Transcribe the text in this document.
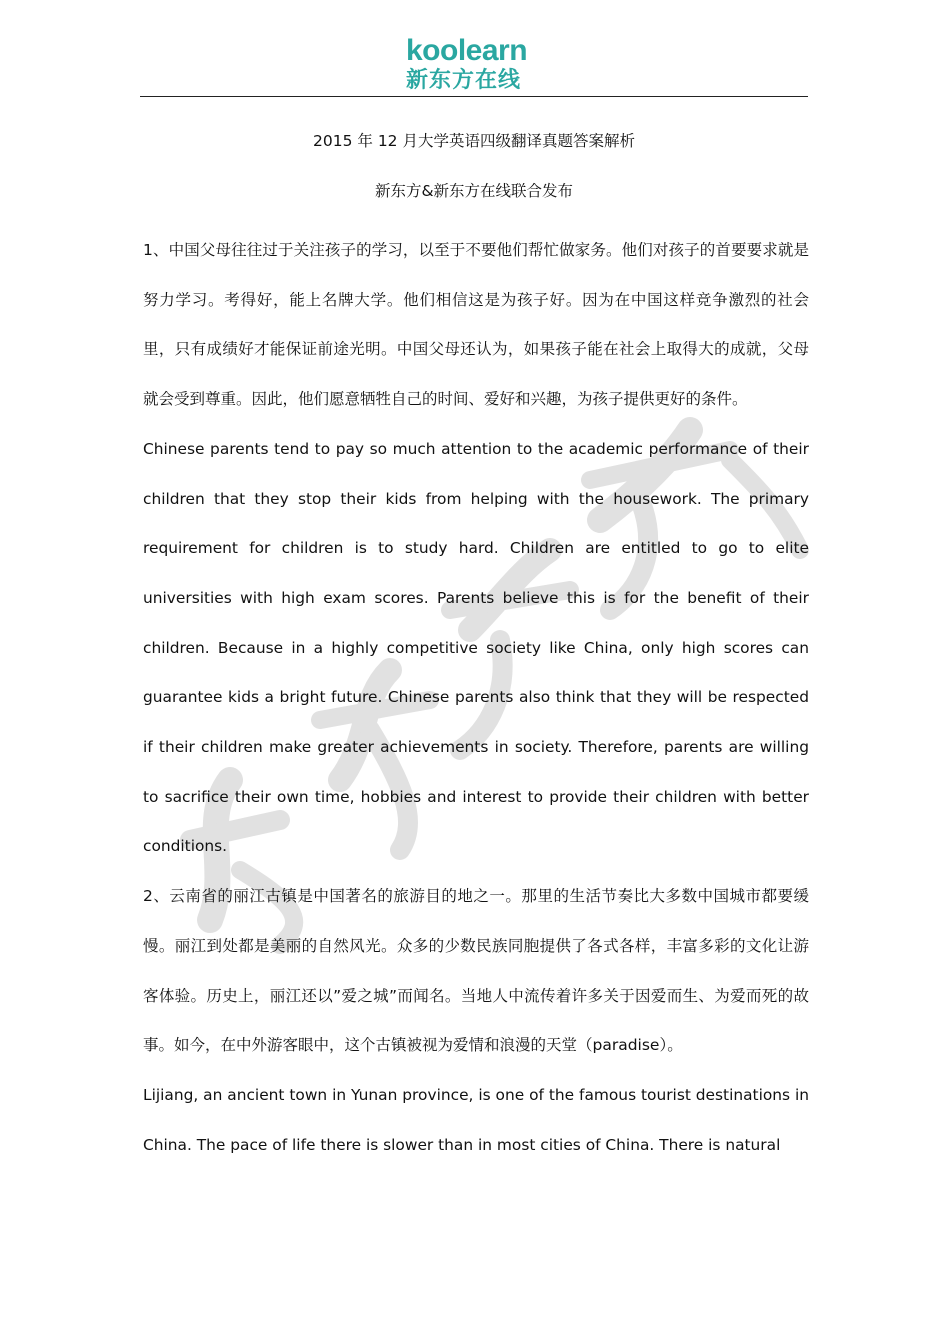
koolearn
新东方在线
2015 年 12 月大学英语四级翻译真题答案解析
新东方&新东方在线联合发布

1、中国父母往往过于关注孩子的学习，以至于不要他们帮忙做家务。他们对孩子的首要要求就是努力学习。考得好，能上名牌大学。他们相信这是为孩子好。因为在中国这样竞争激烈的社会里，只有成绩好才能保证前途光明。中国父母还认为，如果孩子能在社会上取得大的成就，父母就会受到尊重。因此，他们愿意牺牲自己的时间、爱好和兴趣，为孩子提供更好的条件。

Chinese parents tend to pay so much attention to the academic performance of their children that they stop their kids from helping with the housework. The primary requirement for children is to study hard. Children are entitled to go to elite universities with high exam scores. Parents believe this is for the benefit of their children. Because in a highly competitive society like China, only high scores can guarantee kids a bright future. Chinese parents also think that they will be respected if their children make greater achievements in society. Therefore, parents are willing to sacrifice their own time, hobbies and interest to provide their children with better conditions.

2、云南省的丽江古镇是中国著名的旅游目的地之一。那里的生活节奏比大多数中国城市都要缓慢。丽江到处都是美丽的自然风光。众多的少数民族同胞提供了各式各样，丰富多彩的文化让游客体验。历史上，丽江还以”爱之城”而闻名。当地人中流传着许多关于因爱而生、为爱而死的故事。如今，在中外游客眼中，这个古镇被视为爱情和浪漫的天堂（paradise）。

Lijiang, an ancient town in Yunan province, is one of the famous tourist destinations in China. The pace of life there is slower than in most cities of China. There is natural
